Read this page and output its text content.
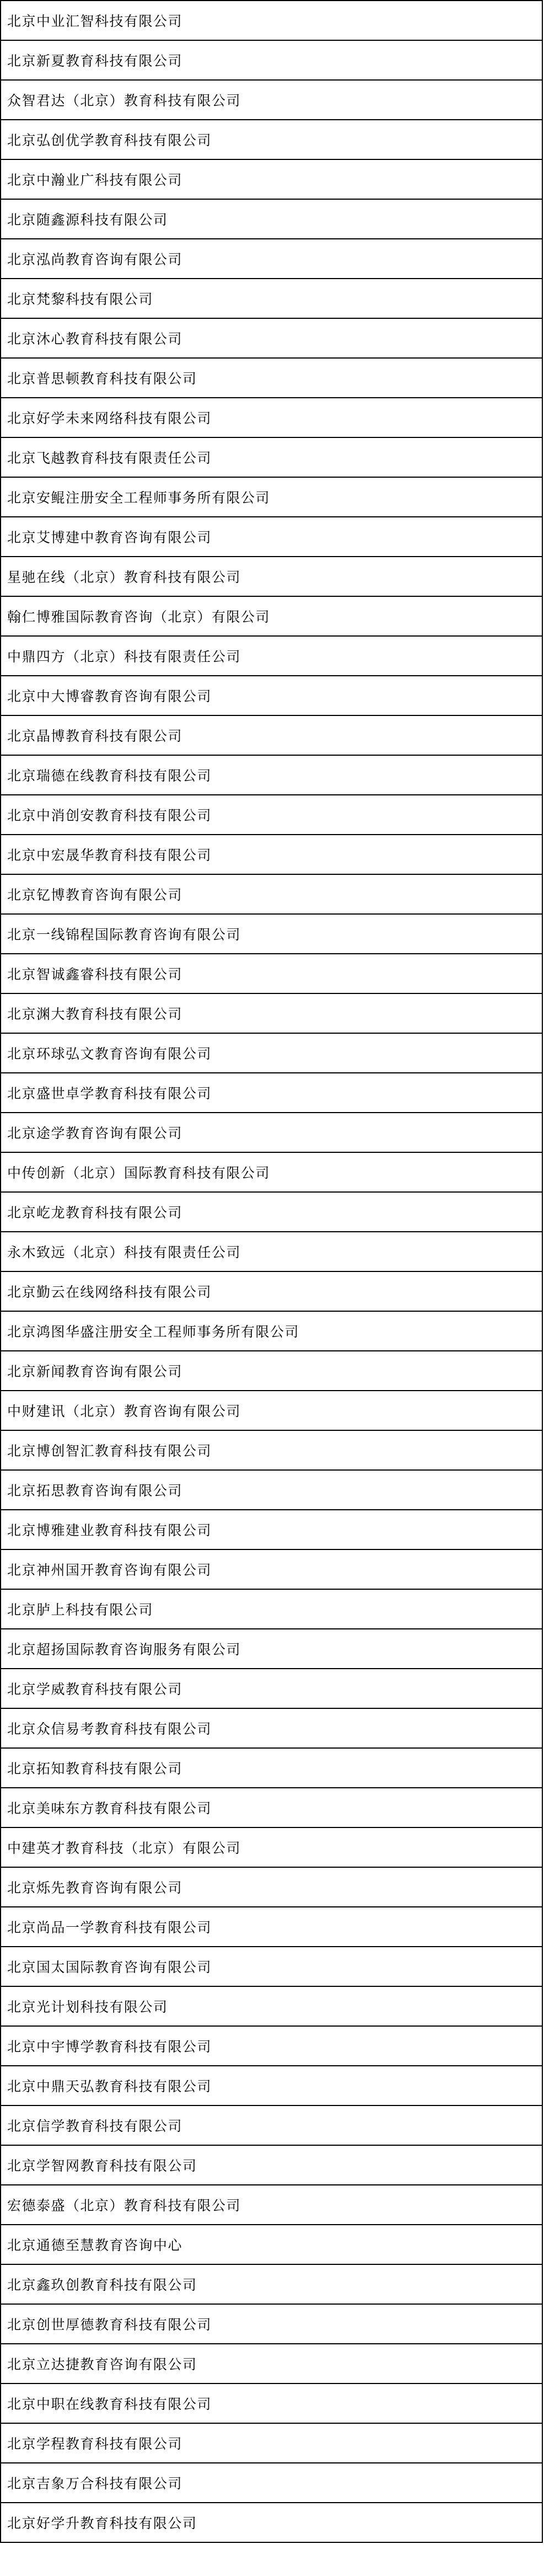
北京中业汇智科技有限公司
北京新夏教育科技有限公司
众智君达（北京）教育科技有限公司
北京弘创优学教育科技有限公司
北京中瀚业广科技有限公司
北京随鑫源科技有限公司
北京泓尚教育咨询有限公司
北京梵黎科技有限公司
北京沐心教育科技有限公司
北京普思顿教育科技有限公司
北京好学未来网络科技有限公司
北京飞越教育科技有限责任公司
北京安鲲注册安全工程师事务所有限公司
北京艾博建中教育咨询有限公司
星驰在线（北京）教育科技有限公司
翰仁博雅国际教育咨询（北京）有限公司
中鼎四方（北京）科技有限责任公司
北京中大博睿教育咨询有限公司
北京晶博教育科技有限公司
北京瑞德在线教育科技有限公司
北京中消创安教育科技有限公司
北京中宏晟华教育科技有限公司
北京钇博教育咨询有限公司
北京一线锦程国际教育咨询有限公司
北京智诚鑫睿科技有限公司
北京渊大教育科技有限公司
北京环球弘文教育咨询有限公司
北京盛世卓学教育科技有限公司
北京途学教育咨询有限公司
中传创新（北京）国际教育科技有限公司
北京屹龙教育科技有限公司
永木致远（北京）科技有限责任公司
北京勤云在线网络科技有限公司
北京鸿图华盛注册安全工程师事务所有限公司
北京新闻教育咨询有限公司
中财建讯（北京）教育咨询有限公司
北京博创智汇教育科技有限公司
北京拓思教育咨询有限公司
北京博雅建业教育科技有限公司
北京神州国开教育咨询有限公司
北京胪上科技有限公司
北京超扬国际教育咨询服务有限公司
北京学威教育科技有限公司
北京众信易考教育科技有限公司
北京拓知教育科技有限公司
北京美味东方教育科技有限公司
中建英才教育科技（北京）有限公司
北京烁先教育咨询有限公司
北京尚品一学教育科技有限公司
北京国太国际教育咨询有限公司
北京光计划科技有限公司
北京中宇博学教育科技有限公司
北京中鼎天弘教育科技有限公司
北京信学教育科技有限公司
北京学智网教育科技有限公司
宏德泰盛（北京）教育科技有限公司
北京通德至慧教育咨询中心
北京鑫玖创教育科技有限公司
北京创世厚德教育科技有限公司
北京立达捷教育咨询有限公司
北京中职在线教育科技有限公司
北京学程教育科技有限公司
北京吉象万合科技有限公司
北京好学升教育科技有限公司
